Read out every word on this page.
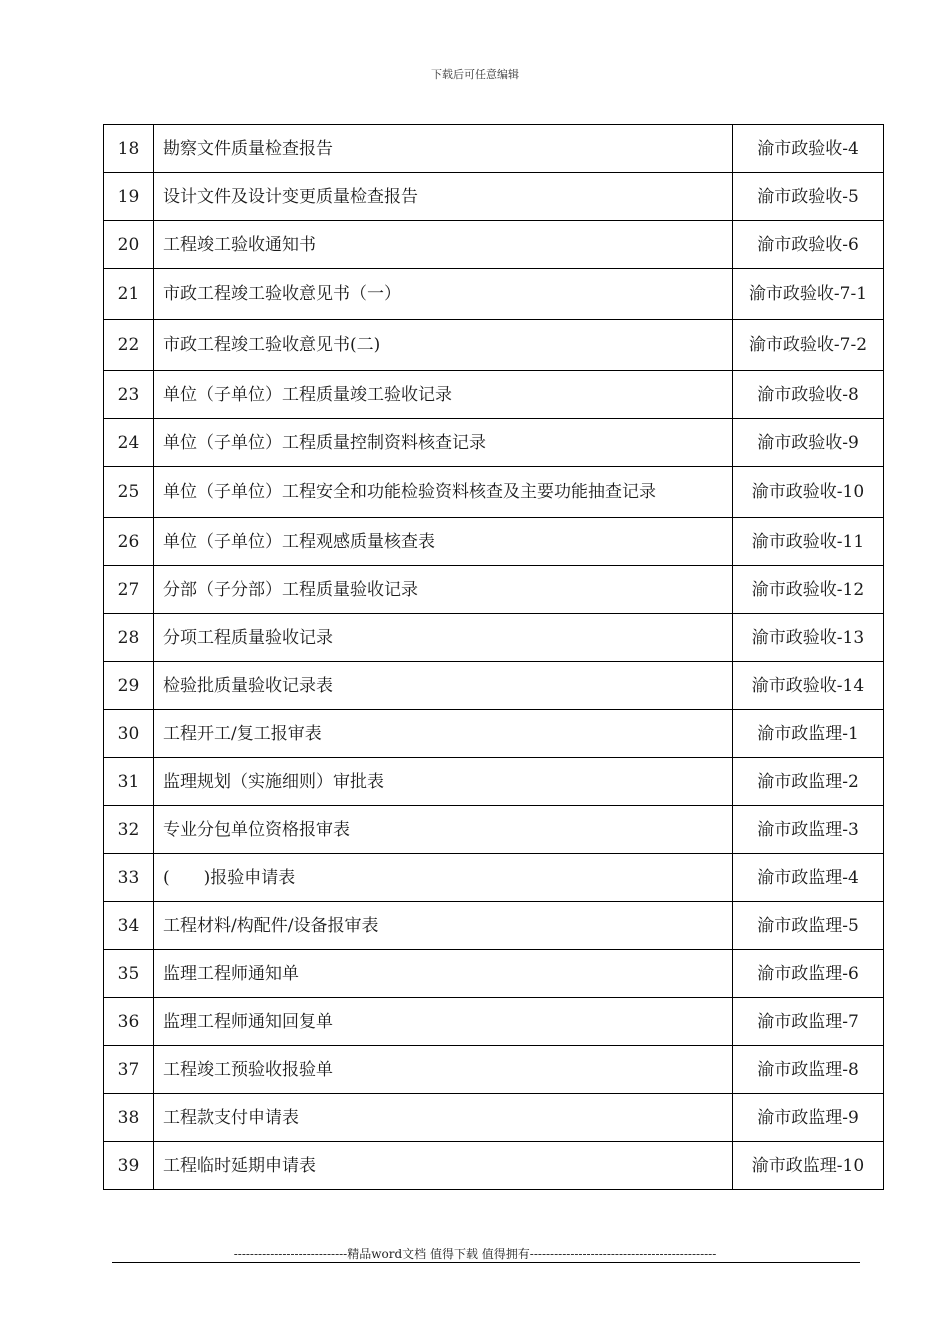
下载后可任意编辑
18	勘察文件质量检查报告	渝市政验收-4
19	设计文件及设计变更质量检查报告	渝市政验收-5
20	工程竣工验收通知书	渝市政验收-6
21	市政工程竣工验收意见书（一）	渝市政验收-7-1
22	市政工程竣工验收意见书(二)	渝市政验收-7-2
23	单位（子单位）工程质量竣工验收记录	渝市政验收-8
24	单位（子单位）工程质量控制资料核查记录	渝市政验收-9
25	单位（子单位）工程安全和功能检验资料核查及主要功能抽查记录	渝市政验收-10
26	单位（子单位）工程观感质量核查表	渝市政验收-11
27	分部（子分部）工程质量验收记录	渝市政验收-12
28	分项工程质量验收记录	渝市政验收-13
29	检验批质量验收记录表	渝市政验收-14
30	工程开工/复工报审表	渝市政监理-1
31	监理规划（实施细则）审批表	渝市政监理-2
32	专业分包单位资格报审表	渝市政监理-3
33	(　　)报验申请表	渝市政监理-4
34	工程材料/构配件/设备报审表	渝市政监理-5
35	监理工程师通知单	渝市政监理-6
36	监理工程师通知回复单	渝市政监理-7
37	工程竣工预验收报验单	渝市政监理-8
38	工程款支付申请表	渝市政监理-9
39	工程临时延期申请表	渝市政监理-10
----------------------------精品word文档 值得下载 值得拥有----------------------------------------------
